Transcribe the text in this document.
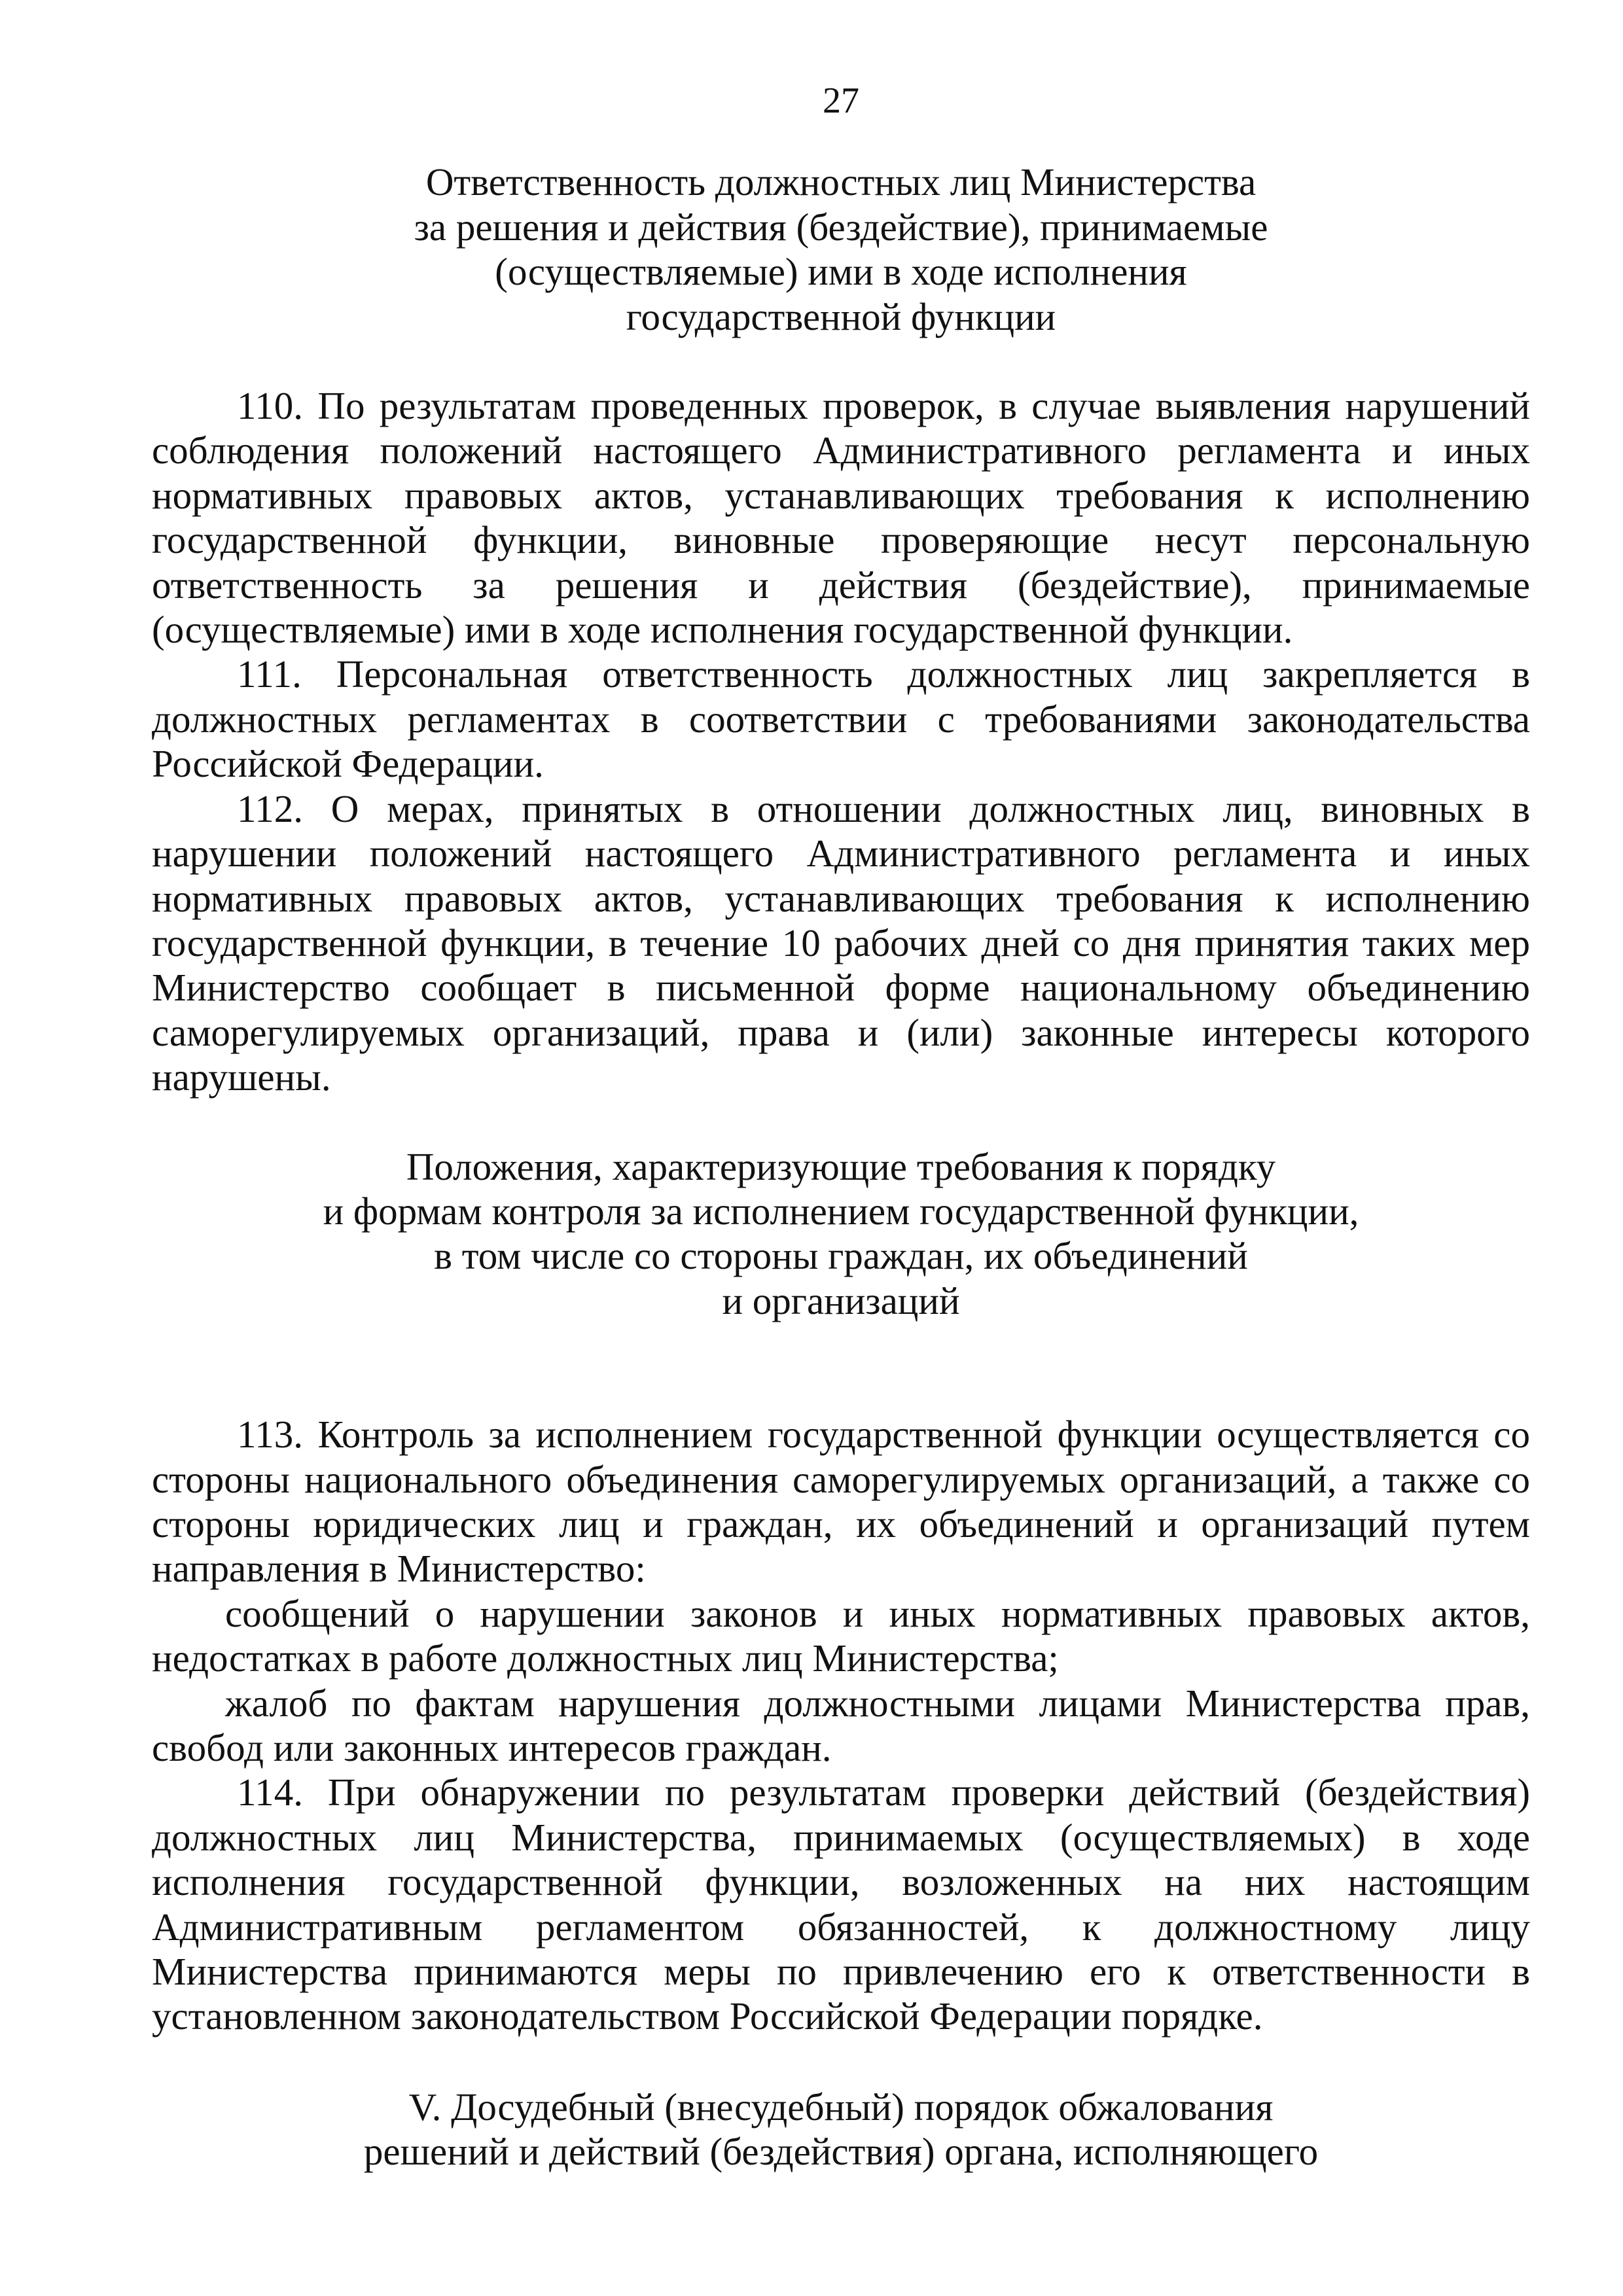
27
Ответственность должностных лиц Министерства
за решения и действия (бездействие), принимаемые
(осуществляемые) ими в ходе исполнения
государственной функции

110. По результатам проведенных проверок, в случае выявления нарушений соблюдения положений настоящего Административного регламента и иных нормативных правовых актов, устанавливающих требования к исполнению государственной функции, виновные проверяющие несут персональную ответственность за решения и действия (бездействие), принимаемые (осуществляемые) ими в ходе исполнения государственной функции.

111. Персональная ответственность должностных лиц закрепляется в должностных регламентах в соответствии с требованиями законодательства Российской Федерации.

112. О мерах, принятых в отношении должностных лиц, виновных в нарушении положений настоящего Административного регламента и иных нормативных правовых актов, устанавливающих требования к исполнению государственной функции, в течение 10 рабочих дней со дня принятия таких мер Министерство сообщает в письменной форме национальному объединению саморегулируемых организаций, права и (или) законные интересы которого нарушены.

Положения, характеризующие требования к порядку
и формам контроля за исполнением государственной функции,
в том числе со стороны граждан, их объединений
и организаций

113. Контроль за исполнением государственной функции осуществляется со стороны национального объединения саморегулируемых организаций, а также со стороны юридических лиц и граждан, их объединений и организаций путем направления в Министерство:

сообщений о нарушении законов и иных нормативных правовых актов, недостатках в работе должностных лиц Министерства;

жалоб по фактам нарушения должностными лицами Министерства прав, свобод или законных интересов граждан.

114. При обнаружении по результатам проверки действий (бездействия) должностных лиц Министерства, принимаемых (осуществляемых) в ходе исполнения государственной функции, возложенных на них настоящим Административным регламентом обязанностей, к должностному лицу Министерства принимаются меры по привлечению его к ответственности в установленном законодательством Российской Федерации порядке.

V. Досудебный (внесудебный) порядок обжалования
решений и действий (бездействия) органа, исполняющего
